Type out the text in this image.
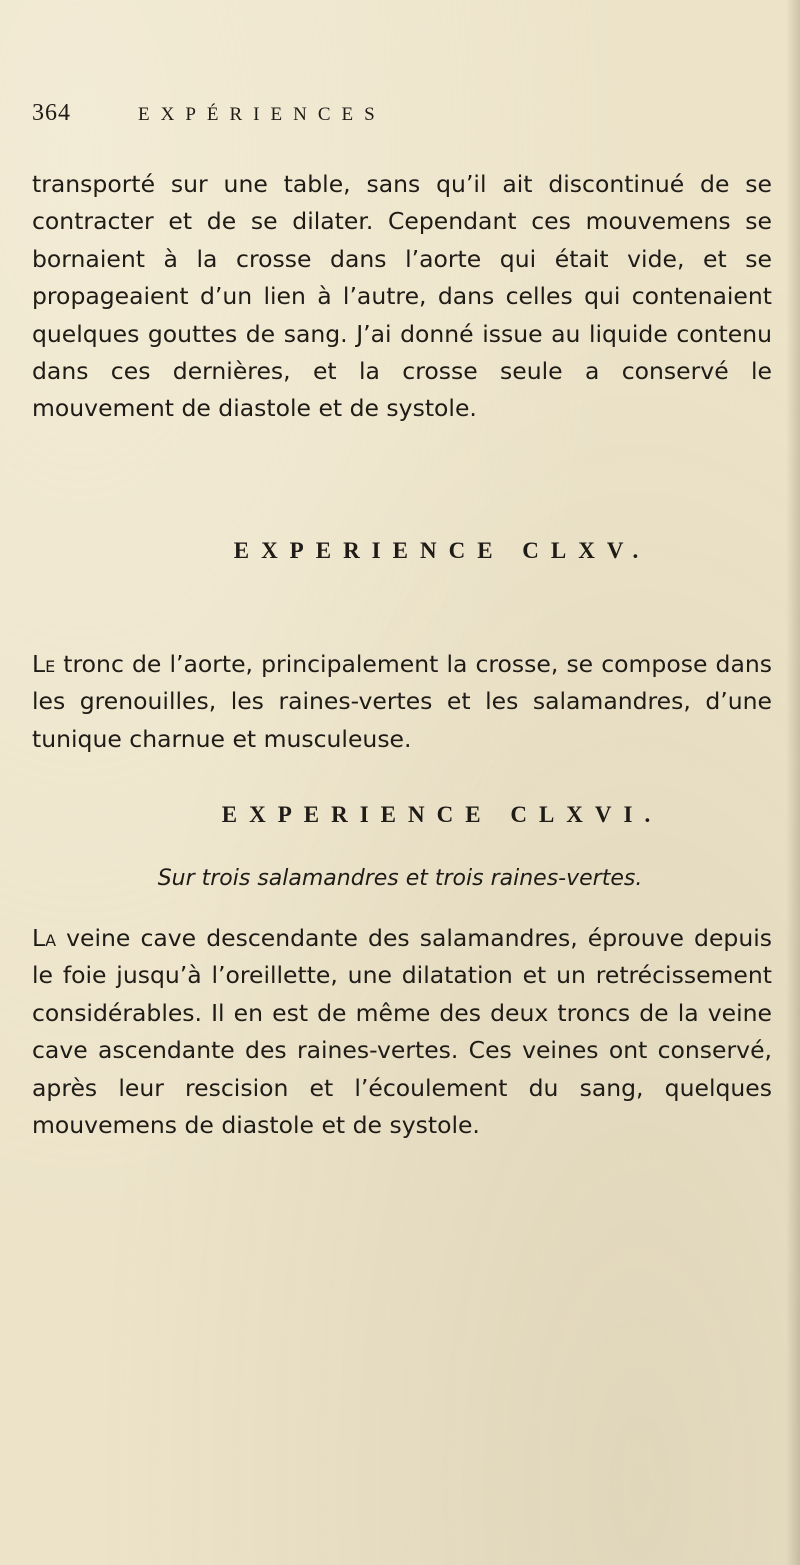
364	EXPÉRIENCES

transporté sur une table, sans qu’il ait discontinué de se contracter et de se dilater. Cependant ces mouvemens se bornaient à la crosse dans l’aorte qui était vide, et se propageaient d’un lien à l’autre, dans celles qui contenaient quelques gouttes de sang. J’ai donné issue au liquide contenu dans ces dernières, et la crosse seule a conservé le mouvement de diastole et de systole.

EXPERIENCE CLXV.

Le tronc de l’aorte, principalement la crosse, se compose dans les grenouilles, les raines-vertes et les salamandres, d’une tunique charnue et musculeuse.

EXPERIENCE CLXVI.

Sur trois salamandres et trois raines-vertes.

La veine cave descendante des salamandres, éprouve depuis le foie jusqu’à l’oreillette, une dilatation et un retrécissement considérables. Il en est de même des deux troncs de la veine cave ascendante des raines-vertes. Ces veines ont conservé, après leur rescision et l’écoulement du sang, quelques mouvemens de diastole et de systole.
